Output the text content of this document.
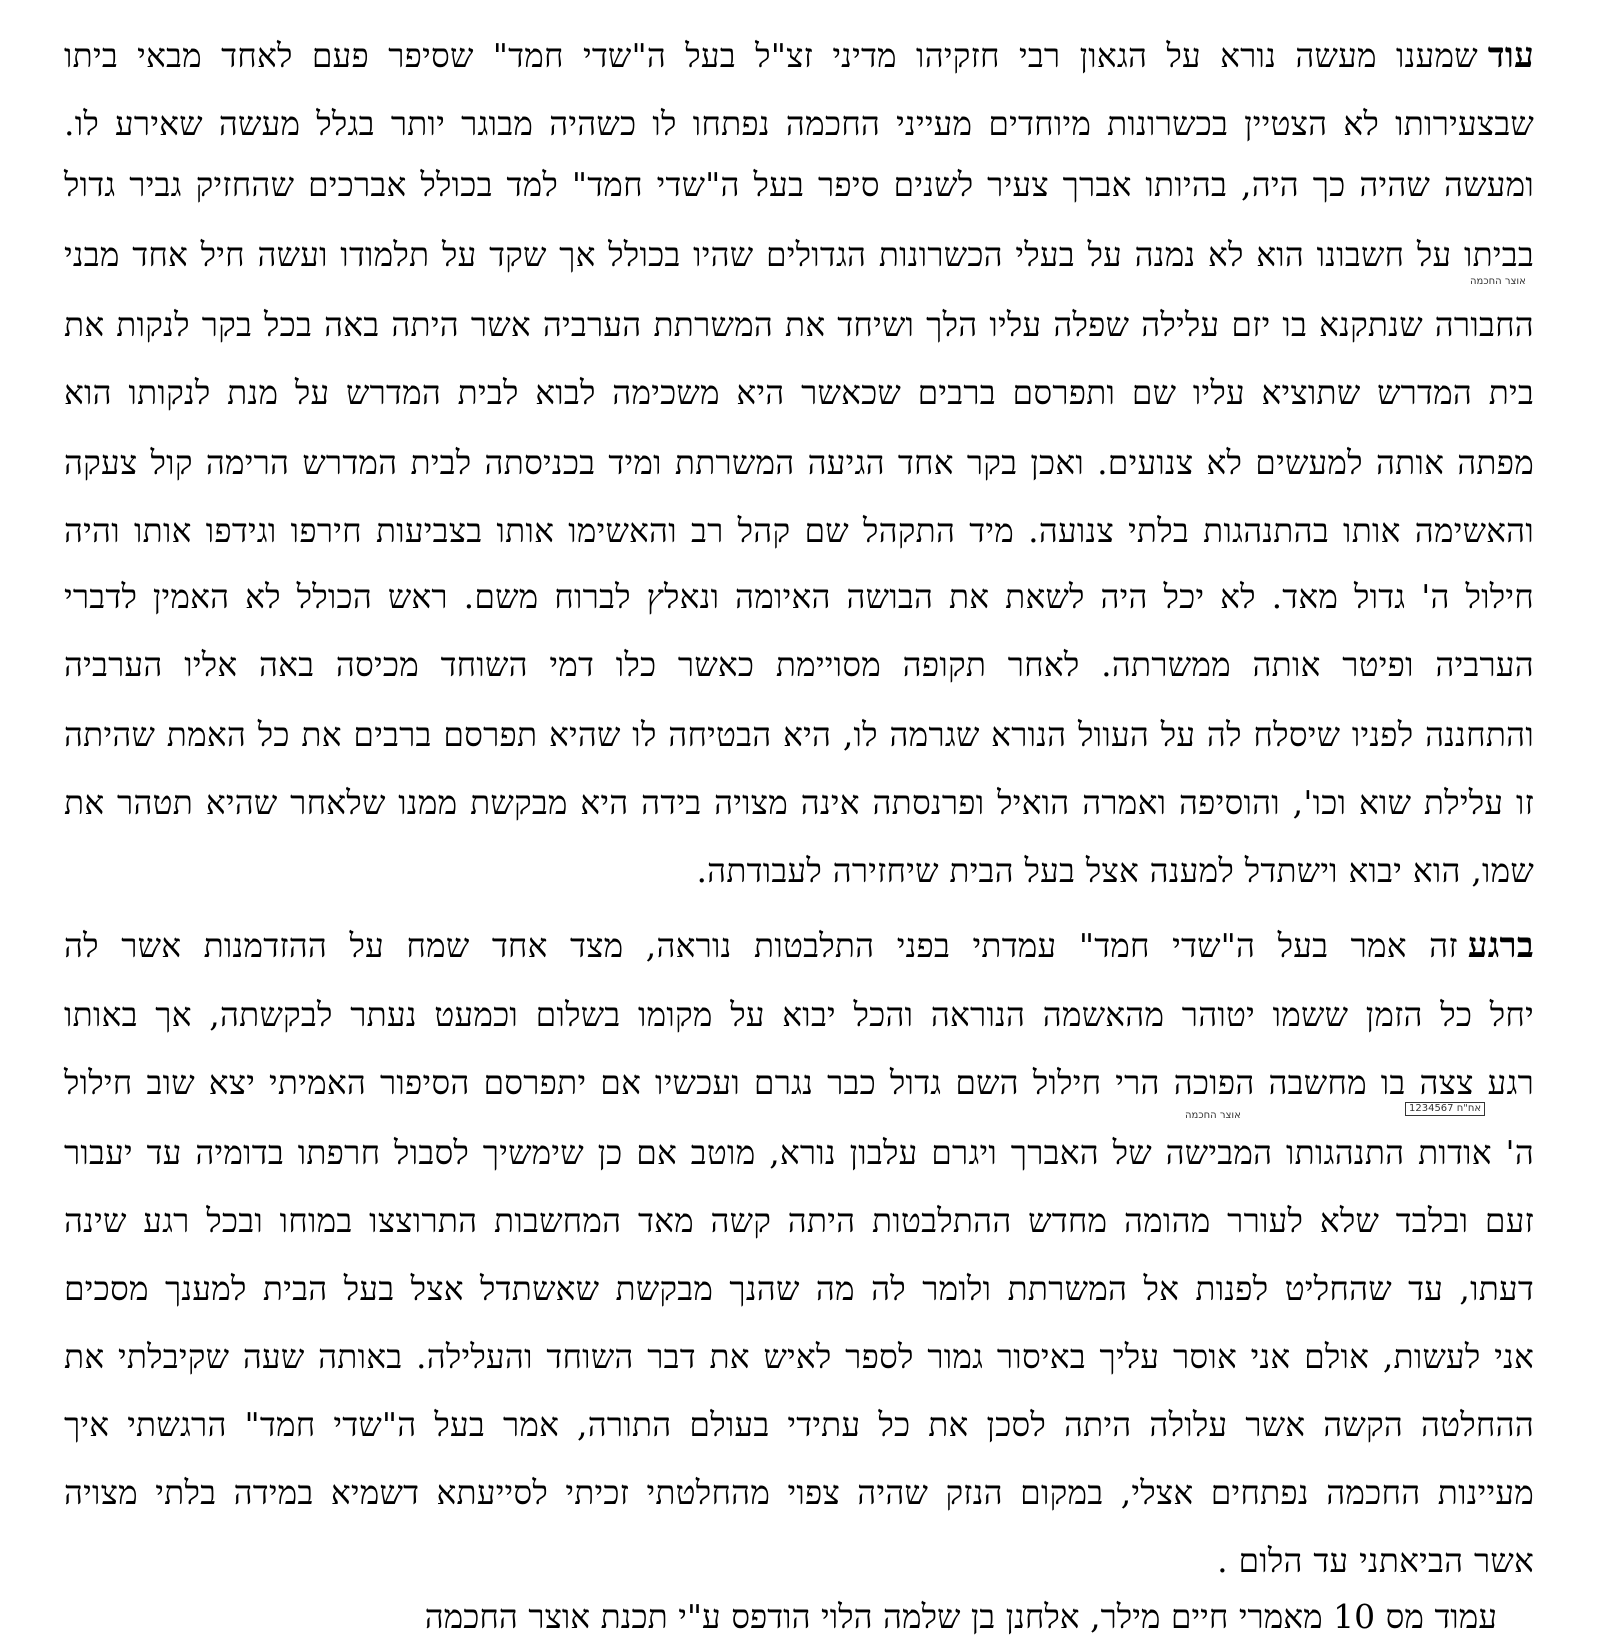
עודשמענו מעשה נורא על הגאון רבי חזקיהו מדיני זצ"ל בעל ה"שדי חמד" שסיפר פעם לאחד מבאי ביתו
שבצעירותו לא הצטיין בכשרונות מיוחדים מעייני החכמה נפתחו לו כשהיה מבוגר יותר בגלל מעשה שאירע לו.
ומעשה שהיה כך היה, בהיותו אברך צעיר לשנים סיפר בעל ה"שדי חמד" למד בכולל אברכים שהחזיק גביר גדול
בביתו על חשבונו הוא לא נמנה על בעלי הכשרונות הגדולים שהיו בכולל אך שקד על תלמודו ועשה חיל אחד מבני
החבורה שנתקנא בו יזם עלילה שפלה עליו הלך ושיחד את המשרתת הערביה אשר היתה באה בכל בקר לנקות את
בית המדרש שתוציא עליו שם ותפרסם ברבים שכאשר היא משכימה לבוא לבית המדרש על מנת לנקותו הוא
מפתה אותה למעשים לא צנועים. ואכן בקר אחד הגיעה המשרתת ומיד בכניסתה לבית המדרש הרימה קול צעקה
והאשימה אותו בהתנהגות בלתי צנועה. מיד התקהל שם קהל רב והאשימו אותו בצביעות חירפו וגידפו אותו והיה
חילול ה' גדול מאד. לא יכל היה לשאת את הבושה האיומה ונאלץ לברוח משם. ראש הכולל לא האמין לדברי
הערביה ופיטר אותה ממשרתה. לאחר תקופה מסויימת כאשר כלו דמי השוחד מכיסה באה אליו הערביה
והתחננה לפניו שיסלח לה על העוול הנורא שגרמה לו, היא הבטיחה לו שהיא תפרסם ברבים את כל האמת שהיתה
זו עלילת שוא וכו', והוסיפה ואמרה הואיל ופרנסתה אינה מצויה בידה היא מבקשת ממנו שלאחר שהיא תטהר את
שמו, הוא יבוא וישתדל למענה אצל בעל הבית שיחזירה לעבודתה.
ברגעזה אמר בעל ה"שדי חמד" עמדתי בפני התלבטות נוראה, מצד אחד שמח על ההזדמנות אשר לה
יחל כל הזמן ששמו יטוהר מהאשמה הנוראה והכל יבוא על מקומו בשלום וכמעט נעתר לבקשתה, אך באותו
רגע צצה בו מחשבה הפוכה הרי חילול השם גדול כבר נגרם ועכשיו אם יתפרסם הסיפור האמיתי יצא שוב חילול
ה' אודות התנהגותו המבישה של האברך ויגרם עלבון נורא, מוטב אם כן שימשיך לסבול חרפתו בדומיה עד יעבור
זעם ובלבד שלא לעורר מהומה מחדש ההתלבטות היתה קשה מאד המחשבות התרוצצו במוחו ובכל רגע שינה
דעתו, עד שהחליט לפנות אל המשרתת ולומר לה מה שהנך מבקשת שאשתדל אצל בעל הבית למענך מסכים
אני לעשות, אולם אני אוסר עליך באיסור גמור לספר לאיש את דבר השוחד והעלילה. באותה שעה שקיבלתי את
ההחלטה הקשה אשר עלולה היתה לסכן את כל עתידי בעולם התורה, אמר בעל ה"שדי חמד" הרגשתי איך
מעיינות החכמה נפתחים אצלי, במקום הנזק שהיה צפוי מהחלטתי זכיתי לסייעתא דשמיא במידה בלתי מצויה
אשר הביאתני עד הלום .
אוצר החכמה
אוצר החכמה
אח"ח 1234567
עמוד מס 10 מאמרי חיים מילר, אלחנן בן שלמה הלוי הודפס ע"י תכנת אוצר החכמה
